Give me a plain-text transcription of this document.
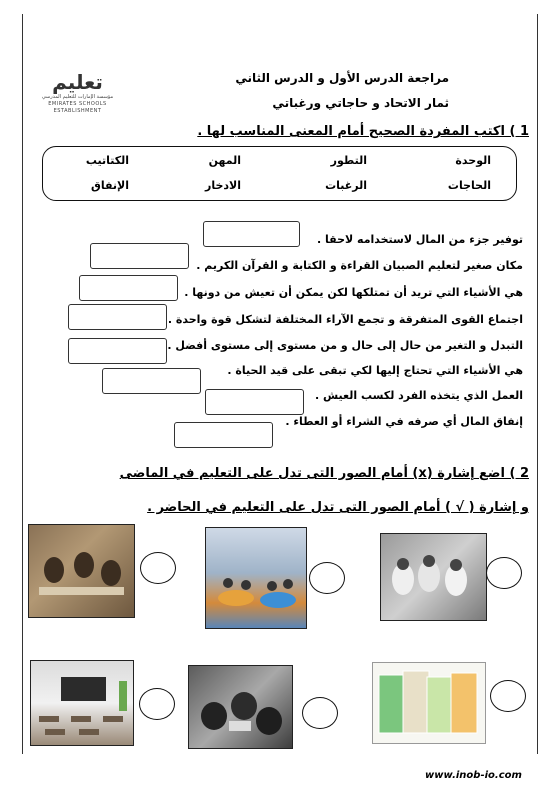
تعليم
مؤسسة الإمارات للتعليم المدرسي
EMIRATES SCHOOLS
ESTABLISHMENT
مراجعة الدرس الأول و الدرس الثاني
ثمار الاتحاد و حاجاتي ورغباتي
1 ) اكتب المفردة الصحيح أمام المعنى المناسب لها .
الوحدة
التطور
المهن
الكتاتيب
الحاجات
الرغبات
الادخار
الإنفاق
توفير جزء من المال لاستخدامه لاحقا .
مكان صغير لتعليم الصبيان القراءة و الكتابة و القرآن الكريم .
هي الأشياء التي تريد أن تمتلكها لكن يمكن أن تعيش من دونها .
اجتماع القوى المتفرقة و تجمع الآراء المختلفة لتشكل قوة واحدة .
التبدل و التغير من حال إلى حال و من مستوى إلى مستوى أفضل .
هي الأشياء التي تحتاج إليها لكي تبقى على قيد الحياة .
العمل الذي يتخذه الفرد لكسب العيش .
إنفاق المال أي صرفه في الشراء أو العطاء .
2 ) اضع إشارة (x) أمام الصور التى تدل على التعليم في الماضى
و إشارة ( √ ) أمام الصور التى تدل على التعليم في الحاضر .
www.inob-io.com
